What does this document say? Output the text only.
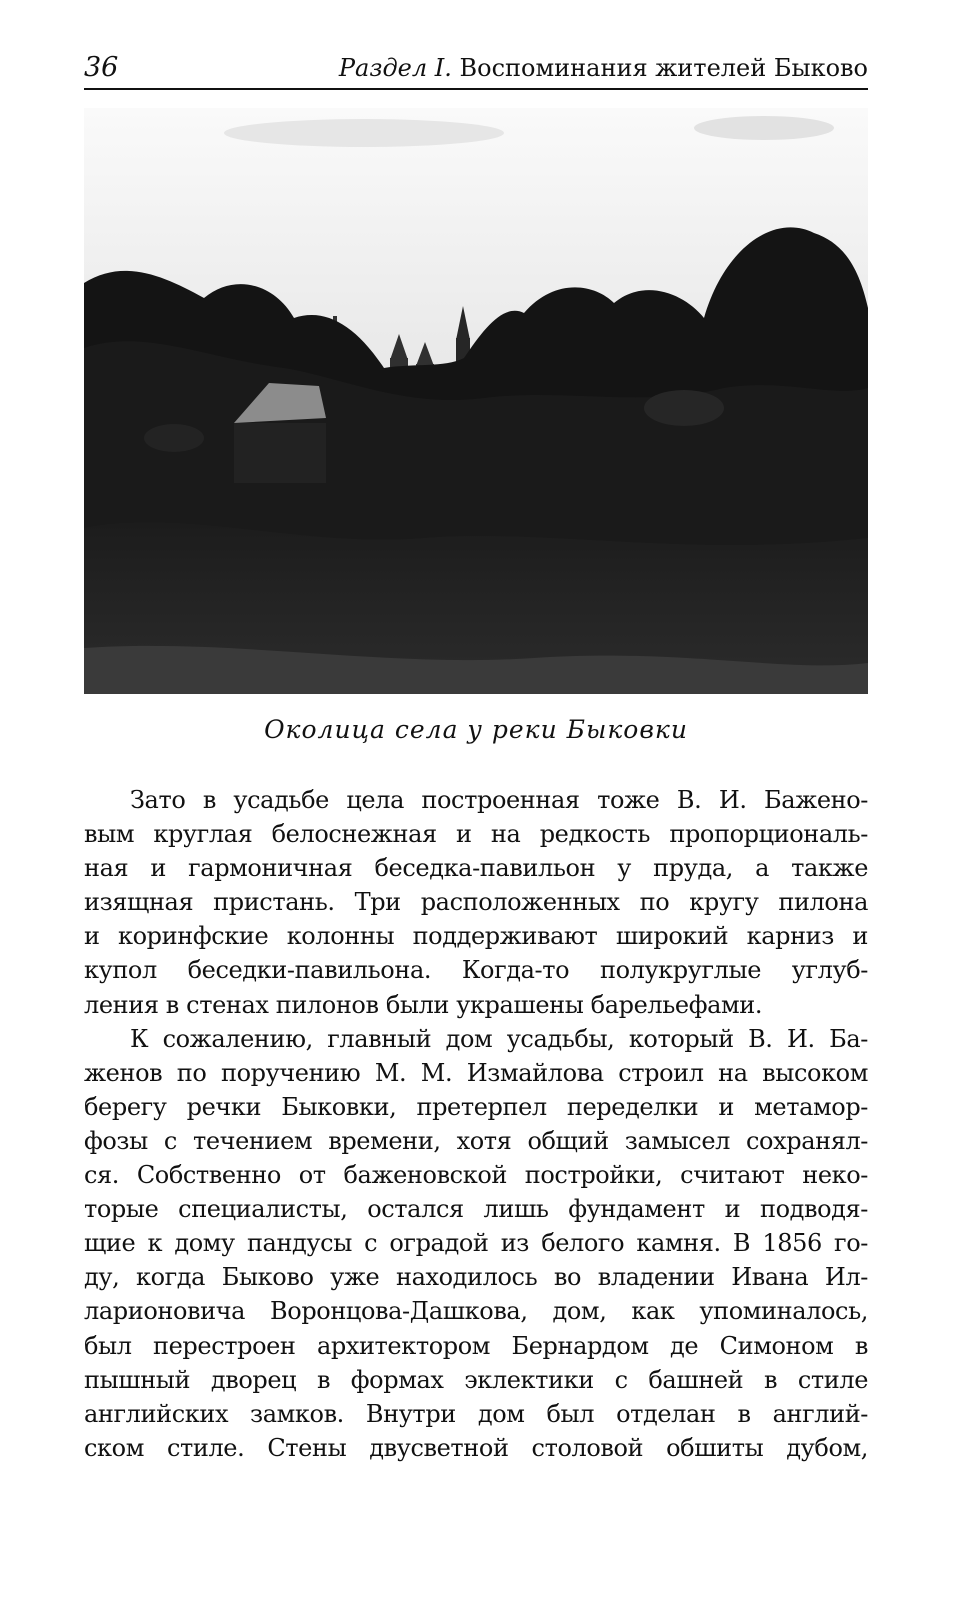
36	Раздел I. Воспоминания жителей Быково
Околица села у реки Быковки
Зато в усадьбе цела построенная тоже В. И. Бажено-
вым круглая белоснежная и на редкость пропорциональ-
ная и гармоничная беседка-павильон у пруда, а также
изящная пристань. Три расположенных по кругу пилона
и коринфские колонны поддерживают широкий карниз и
купол беседки-павильона. Когда-то полукруглые углуб-
ления в стенах пилонов были украшены барельефами.
К сожалению, главный дом усадьбы, который В. И. Ба-
женов по поручению М. М. Измайлова строил на высоком
берегу речки Быковки, претерпел переделки и метамор-
фозы с течением времени, хотя общий замысел сохранял-
ся. Собственно от баженовской постройки, считают неко-
торые специалисты, остался лишь фундамент и подводя-
щие к дому пандусы с оградой из белого камня. В 1856 го-
ду, когда Быково уже находилось во владении Ивана Ил-
ларионовича Воронцова-Дашкова, дом, как упоминалось,
был перестроен архитектором Бернардом де Симоном в
пышный дворец в формах эклектики с башней в стиле
английских замков. Внутри дом был отделан в англий-
ском стиле. Стены двусветной столовой обшиты дубом,
